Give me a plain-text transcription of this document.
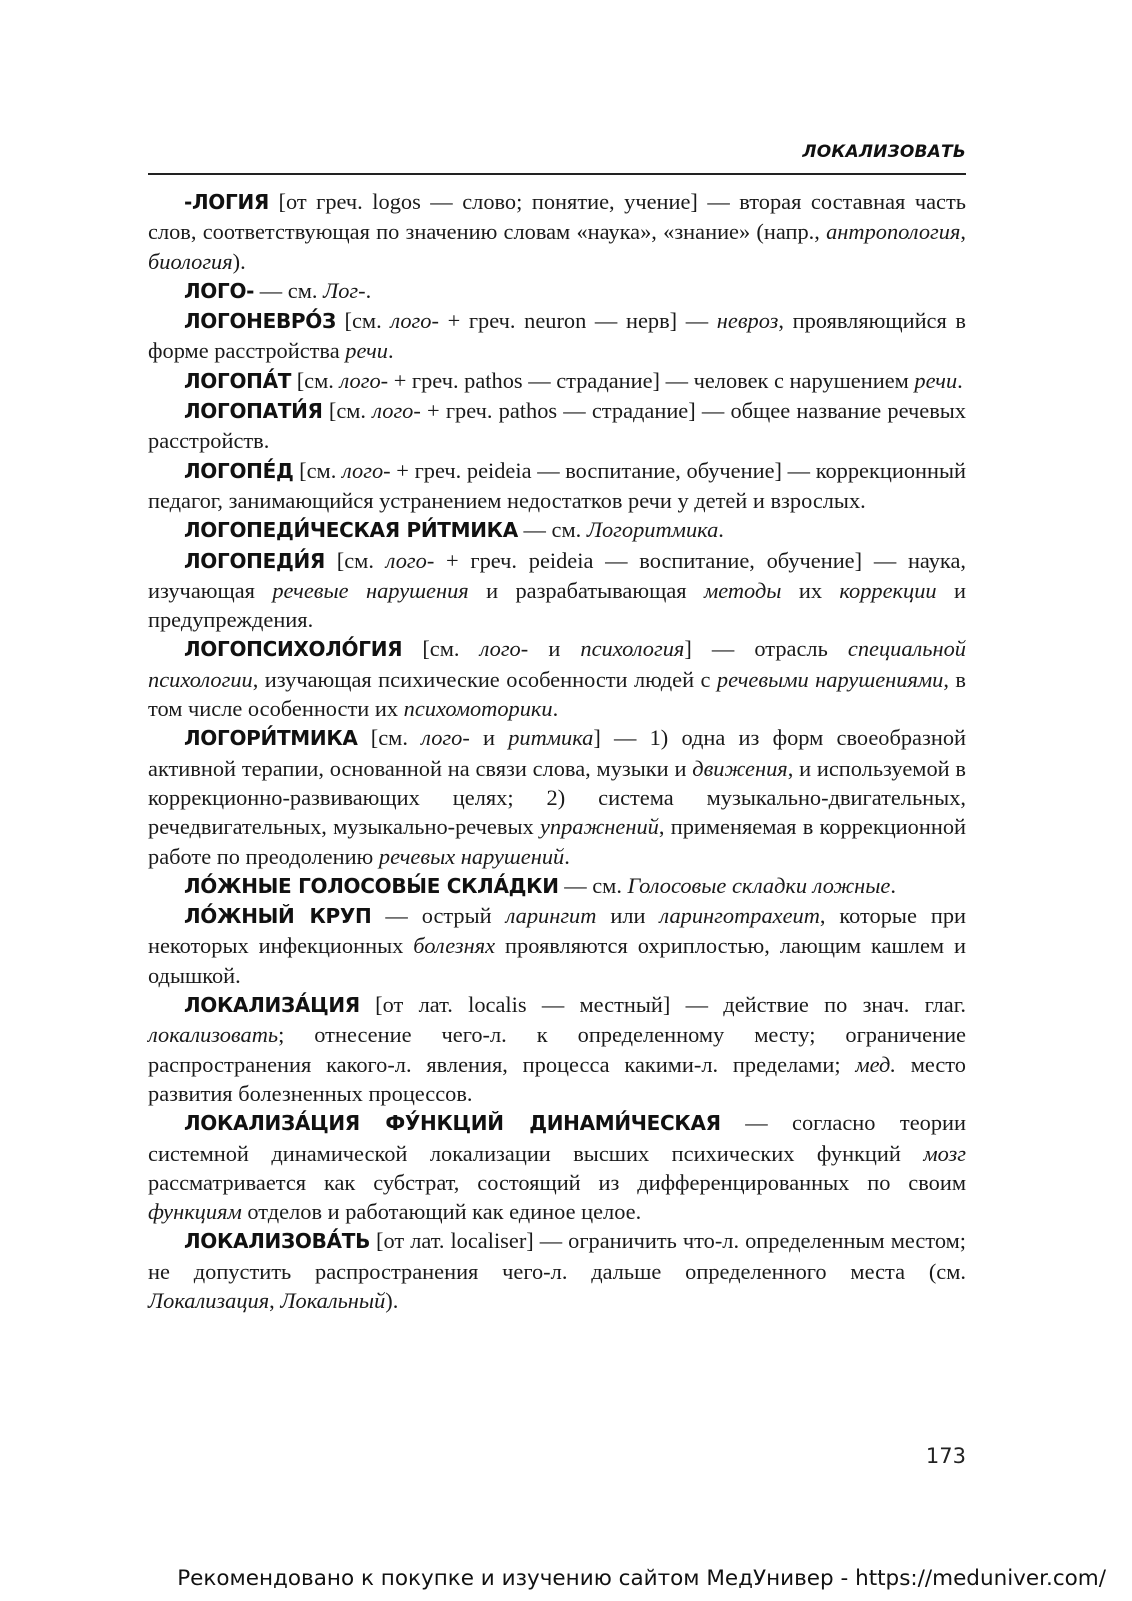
ЛОКАЛИЗОВАТЬ

-ЛОГИЯ [от греч. logos — слово; понятие, учение] — вторая составная часть слов, соответствующая по значению словам «наука», «знание» (напр., антропология, биология).

ЛОГО- — см. Лог-.

ЛОГОНЕВРО́З [см. лого- + греч. neuron — нерв] — невроз, проявляющийся в форме расстройства речи.

ЛОГОПА́Т [см. лого- + греч. pathos — страдание] — человек с нарушением речи.

ЛОГОПАТИ́Я [см. лого- + греч. pathos — страдание] — общее название речевых расстройств.

ЛОГОПЕ́Д [см. лого- + греч. peideia — воспитание, обучение] — коррекционный педагог, занимающийся устранением недостатков речи у детей и взрослых.

ЛОГОПЕДИ́ЧЕСКАЯ РИ́ТМИКА — см. Логоритмика.

ЛОГОПЕДИ́Я [см. лого- + греч. peideia — воспитание, обучение] — наука, изучающая речевые нарушения и разрабатывающая методы их коррекции и предупреждения.

ЛОГОПСИХОЛО́ГИЯ [см. лого- и психология] — отрасль специальной психологии, изучающая психические особенности людей с речевыми нарушениями, в том числе особенности их психомоторики.

ЛОГОРИ́ТМИКА [см. лого- и ритмика] — 1) одна из форм своеобразной активной терапии, основанной на связи слова, музыки и движения, и используемой в коррекционно-развивающих целях; 2) система музыкально-двигательных, речедвигательных, музыкально-речевых упражнений, применяемая в коррекционной работе по преодолению речевых нарушений.

ЛО́ЖНЫЕ ГОЛОСОВЫ́Е СКЛА́ДКИ — см. Голосовые складки ложные.

ЛО́ЖНЫЙ КРУП — острый ларингит или ларинготрахеит, которые при некоторых инфекционных болезнях проявляются охриплостью, лающим кашлем и одышкой.

ЛОКАЛИЗА́ЦИЯ [от лат. localis — местный] — действие по знач. глаг. локализовать; отнесение чего-л. к определенному месту; ограничение распространения какого-л. явления, процесса какими-л. пределами; мед. место развития болезненных процессов.

ЛОКАЛИЗА́ЦИЯ ФУ́НКЦИЙ ДИНАМИ́ЧЕСКАЯ — согласно теории системной динамической локализации высших психических функций мозг рассматривается как субстрат, состоящий из дифференцированных по своим функциям отделов и работающий как единое целое.

ЛОКАЛИЗОВА́ТЬ [от лат. localiser] — ограничить что-л. определенным местом; не допустить распространения чего-л. дальше определенного места (см. Локализация, Локальный).

173
Рекомендовано к покупке и изучению сайтом МедУнивер - https://meduniver.com/
